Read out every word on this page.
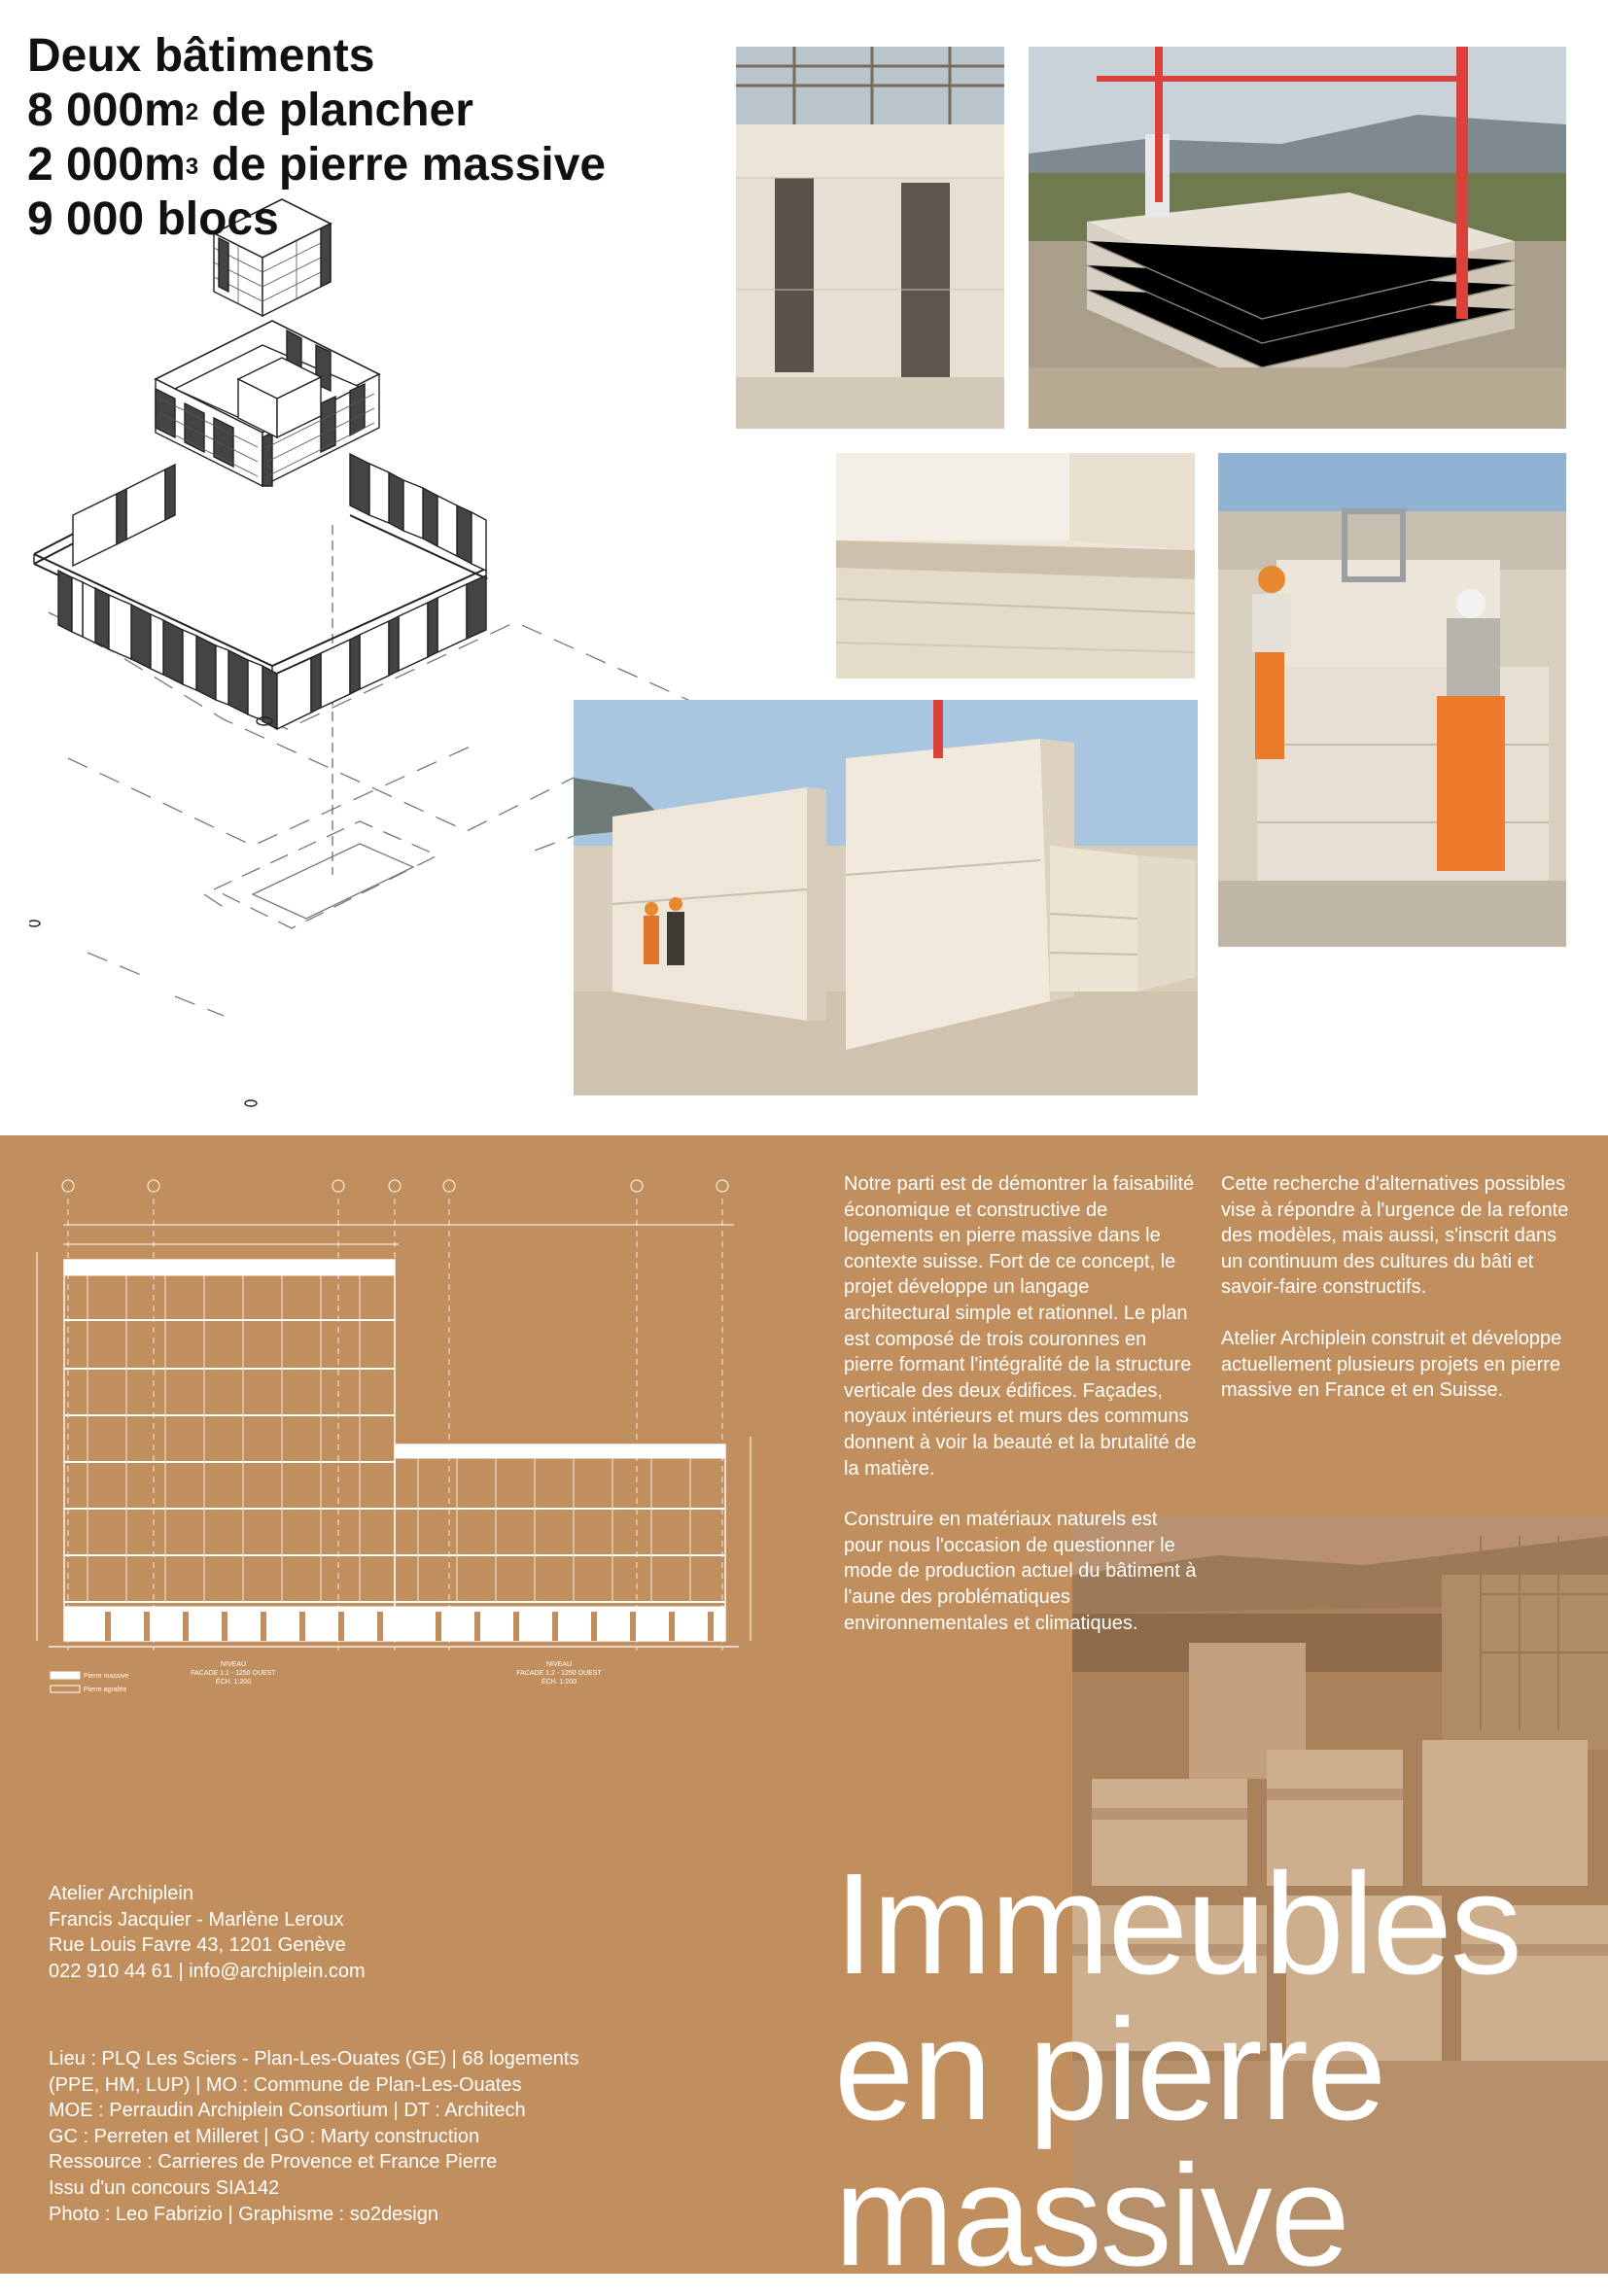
Deux bâtiments
8 $000m^2$ de plancher
2 $000m^3$ de pierre massive
9 000 blocs
Pierre massive
Pierre agrafée
NIVEAU
FACADE 1:1 - 1250 OUEST
ÉCH. 1:200
NIVEAU
FACADE 1:2 - 1250 OUEST
ÉCH. 1:200

Notre parti est de démontrer la faisabilité économique et constructive de logements en pierre massive dans le contexte suisse. Fort de ce concept, le projet développe un langage architectural simple et rationnel. Le plan est composé de trois couronnes en pierre formant l'intégralité de la structure verticale des deux édifices. Façades, noyaux intérieurs et murs des communs donnent à voir la beauté et la brutalité de la matière.

Construire en matériaux naturels est pour nous l'occasion de questionner le mode de production actuel du bâtiment à l'aune des problématiques environnementales et climatiques.

Cette recherche d'alternatives possibles vise à répondre à l'urgence de la refonte des modèles, mais aussi, s'inscrit dans un continuum des cultures du bâti et savoir-faire constructifs.

Atelier Archiplein construit et développe actuellement plusieurs projets en pierre massive en France et en Suisse.

Atelier Archiplein
Francis Jacquier - Marlène Leroux
Rue Louis Favre 43, 1201 Genève
022 910 44 61 | info@archiplein.com
Lieu : PLQ Les Sciers - Plan-Les-Ouates (GE) | 68 logements
(PPE, HM, LUP) | MO : Commune de Plan-Les-Ouates
MOE : Perraudin Archiplein Consortium | DT : Architech
GC : Perreten et Milleret | GO : Marty construction
Ressource : Carrieres de Provence et France Pierre
Issu d'un concours SIA142
Photo : Leo Fabrizio | Graphisme : so2design
Immeubles
en pierre
massive
